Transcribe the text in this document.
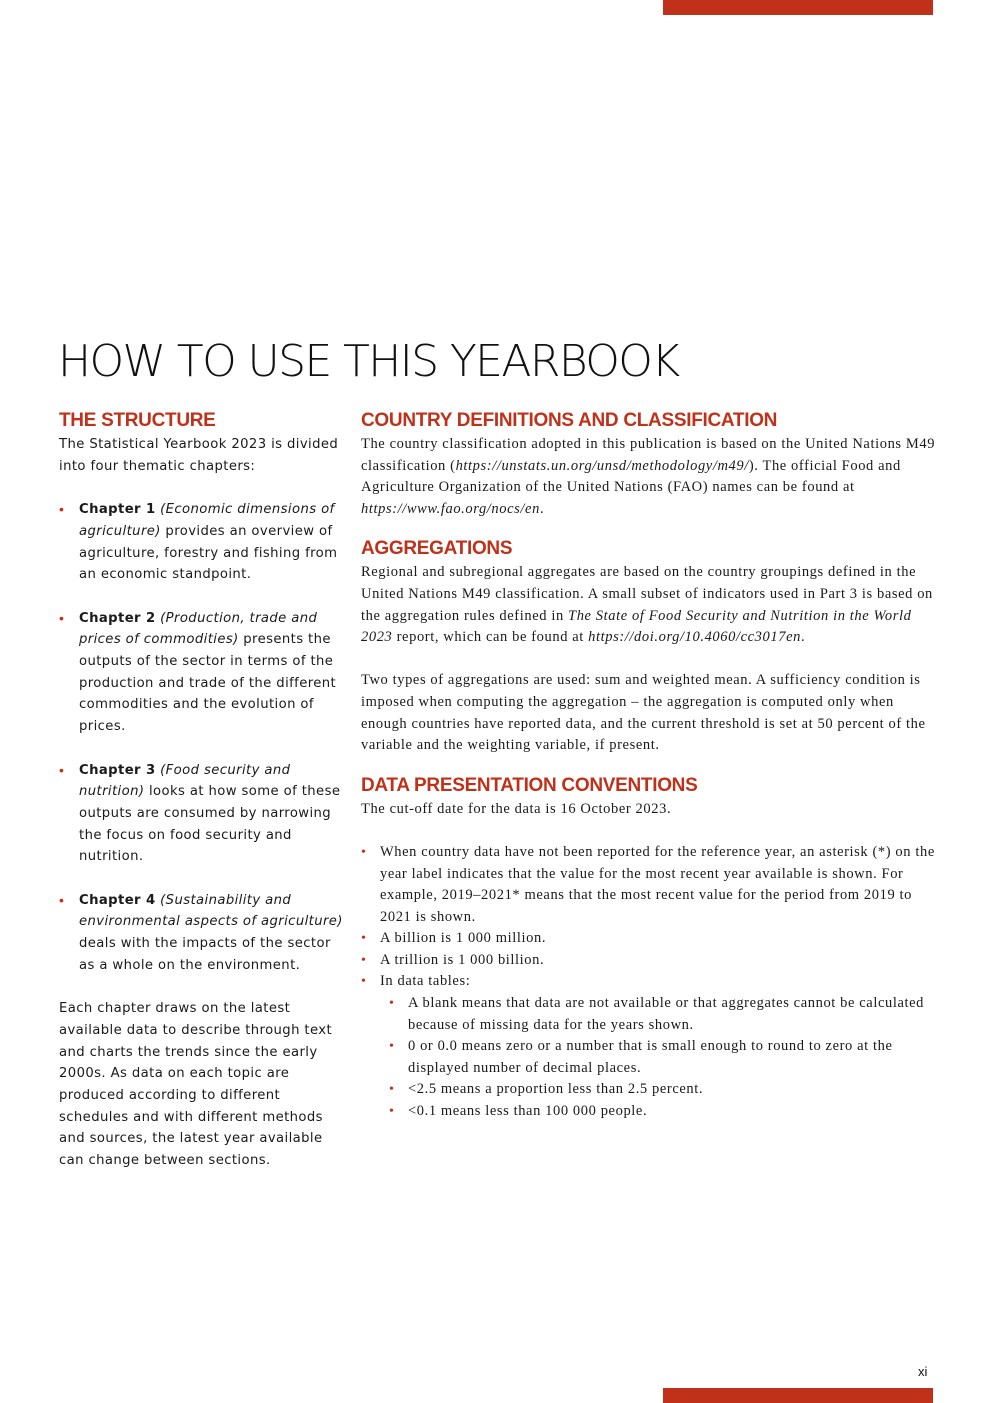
HOW TO USE THIS YEARBOOK
THE STRUCTURE

The Statistical Yearbook 2023 is divided into four thematic chapters:

• Chapter 1 (Economic dimensions of agriculture) provides an overview of agriculture, forestry and fishing from an economic standpoint.

• Chapter 2 (Production, trade and prices of commodities) presents the outputs of the sector in terms of the production and trade of the different commodities and the evolution of prices.

• Chapter 3 (Food security and nutrition) looks at how some of these outputs are consumed by narrowing the focus on food security and nutrition.

• Chapter 4 (Sustainability and environmental aspects of agriculture) deals with the impacts of the sector as a whole on the environment.

Each chapter draws on the latest available data to describe through text and charts the trends since the early 2000s. As data on each topic are produced according to different schedules and with different methods and sources, the latest year available can change between sections.

COUNTRY DEFINITIONS AND CLASSIFICATION

The country classification adopted in this publication is based on the United Nations M49 classification (https://unstats.un.org/unsd/methodology/m49/). The official Food and Agriculture Organization of the United Nations (FAO) names can be found at https://www.fao.org/nocs/en.

AGGREGATIONS

Regional and subregional aggregates are based on the country groupings defined in the United Nations M49 classification. A small subset of indicators used in Part 3 is based on the aggregation rules defined in The State of Food Security and Nutrition in the World 2023 report, which can be found at https://doi.org/10.4060/cc3017en.

Two types of aggregations are used: sum and weighted mean. A sufficiency condition is imposed when computing the aggregation – the aggregation is computed only when enough countries have reported data, and the current threshold is set at 50 percent of the variable and the weighting variable, if present.

DATA PRESENTATION CONVENTIONS

The cut-off date for the data is 16 October 2023.

• When country data have not been reported for the reference year, an asterisk (*) on the year label indicates that the value for the most recent year available is shown. For example, 2019–2021* means that the most recent value for the period from 2019 to 2021 is shown.
• A billion is 1 000 million.
• A trillion is 1 000 billion.
• In data tables:
• A blank means that data are not available or that aggregates cannot be calculated because of missing data for the years shown.
• 0 or 0.0 means zero or a number that is small enough to round to zero at the displayed number of decimal places.
• <2.5 means a proportion less than 2.5 percent.
• <0.1 means less than 100 000 people.
xi
